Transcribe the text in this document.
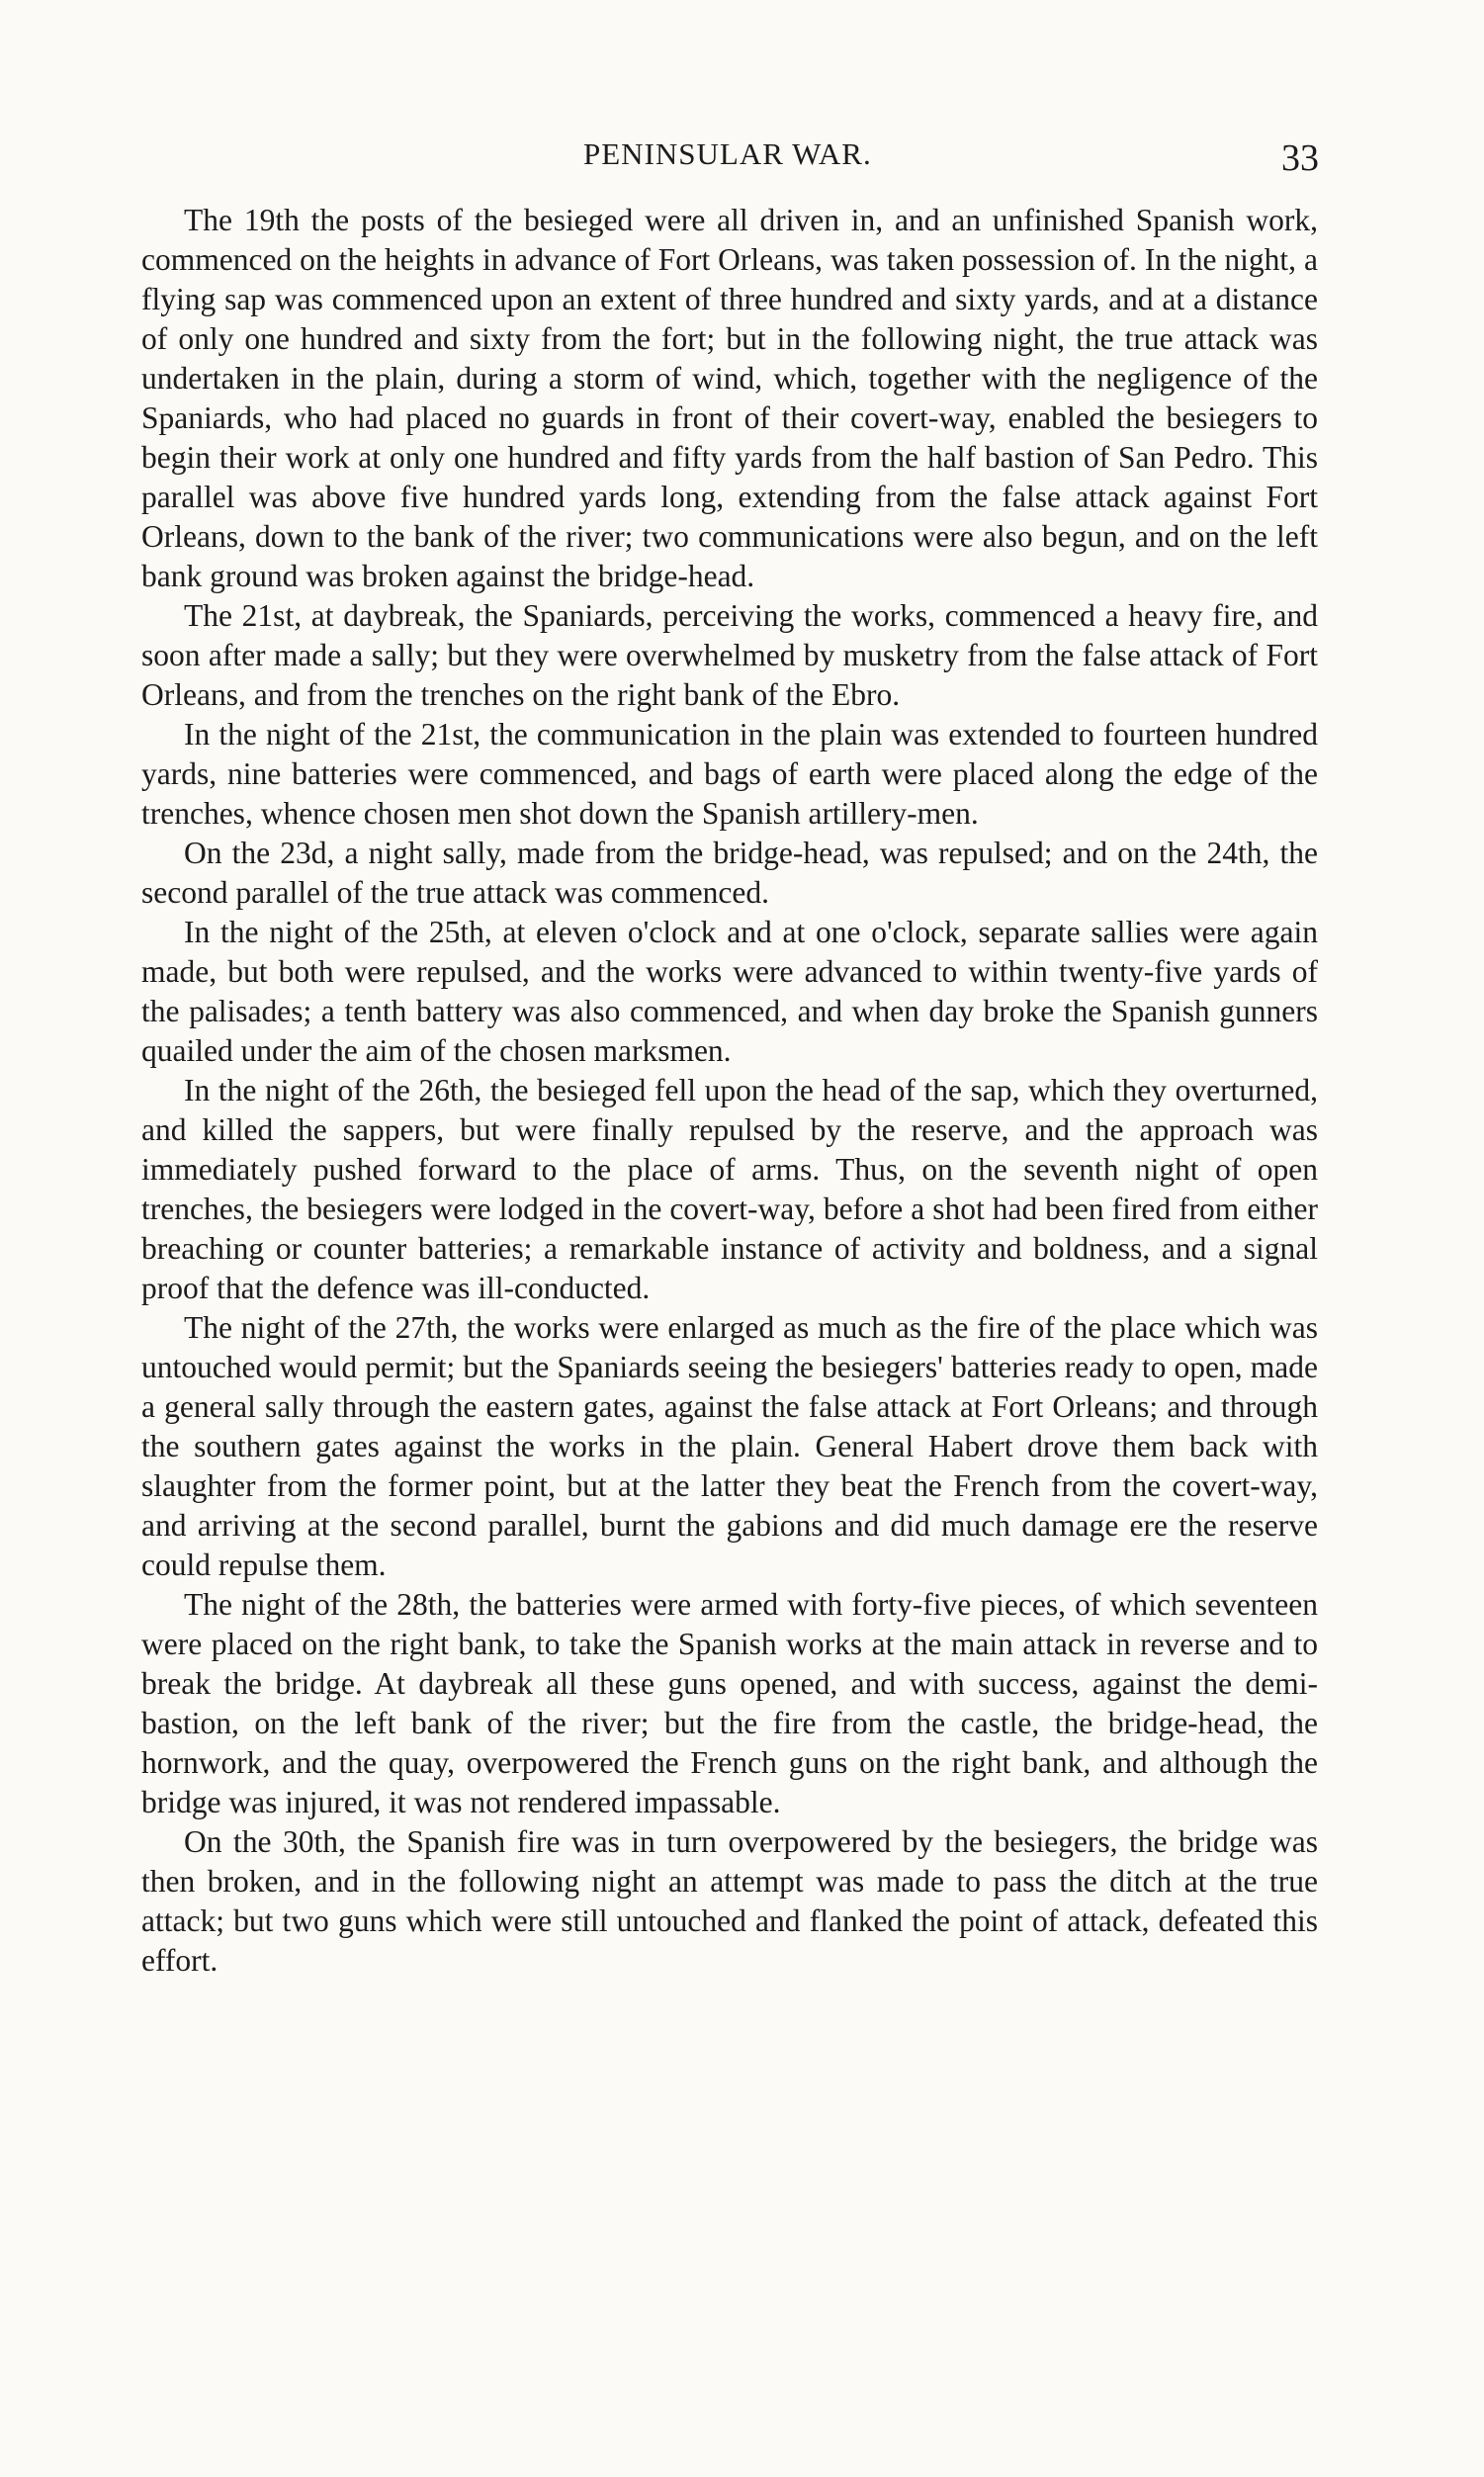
PENINSULAR WAR.	33

The 19th the posts of the besieged were all driven in, and an unfinished Spanish work, commenced on the heights in advance of Fort Orleans, was taken possession of. In the night, a flying sap was commenced upon an extent of three hundred and sixty yards, and at a distance of only one hundred and sixty from the fort; but in the following night, the true attack was undertaken in the plain, during a storm of wind, which, together with the negligence of the Spaniards, who had placed no guards in front of their covert-way, enabled the besiegers to begin their work at only one hundred and fifty yards from the half bastion of San Pedro. This parallel was above five hundred yards long, extending from the false attack against Fort Orleans, down to the bank of the river; two communications were also begun, and on the left bank ground was broken against the bridge-head.

The 21st, at daybreak, the Spaniards, perceiving the works, commenced a heavy fire, and soon after made a sally; but they were overwhelmed by musketry from the false attack of Fort Orleans, and from the trenches on the right bank of the Ebro.

In the night of the 21st, the communication in the plain was extended to fourteen hundred yards, nine batteries were commenced, and bags of earth were placed along the edge of the trenches, whence chosen men shot down the Spanish artillery-men.

On the 23d, a night sally, made from the bridge-head, was repulsed; and on the 24th, the second parallel of the true attack was commenced.

In the night of the 25th, at eleven o'clock and at one o'clock, separate sallies were again made, but both were repulsed, and the works were advanced to within twenty-five yards of the palisades; a tenth battery was also commenced, and when day broke the Spanish gunners quailed under the aim of the chosen marksmen.

In the night of the 26th, the besieged fell upon the head of the sap, which they overturned, and killed the sappers, but were finally repulsed by the reserve, and the approach was immediately pushed forward to the place of arms. Thus, on the seventh night of open trenches, the besiegers were lodged in the covert-way, before a shot had been fired from either breaching or counter batteries; a remarkable instance of activity and boldness, and a signal proof that the defence was ill-conducted.

The night of the 27th, the works were enlarged as much as the fire of the place which was untouched would permit; but the Spaniards seeing the besiegers' batteries ready to open, made a general sally through the eastern gates, against the false attack at Fort Orleans; and through the southern gates against the works in the plain. General Habert drove them back with slaughter from the former point, but at the latter they beat the French from the covert-way, and arriving at the second parallel, burnt the gabions and did much damage ere the reserve could repulse them.

The night of the 28th, the batteries were armed with forty-five pieces, of which seventeen were placed on the right bank, to take the Spanish works at the main attack in reverse and to break the bridge. At daybreak all these guns opened, and with success, against the demi-bastion, on the left bank of the river; but the fire from the castle, the bridge-head, the hornwork, and the quay, overpowered the French guns on the right bank, and although the bridge was injured, it was not rendered impassable.

On the 30th, the Spanish fire was in turn overpowered by the besiegers, the bridge was then broken, and in the following night an attempt was made to pass the ditch at the true attack; but two guns which were still untouched and flanked the point of attack, defeated this effort.
